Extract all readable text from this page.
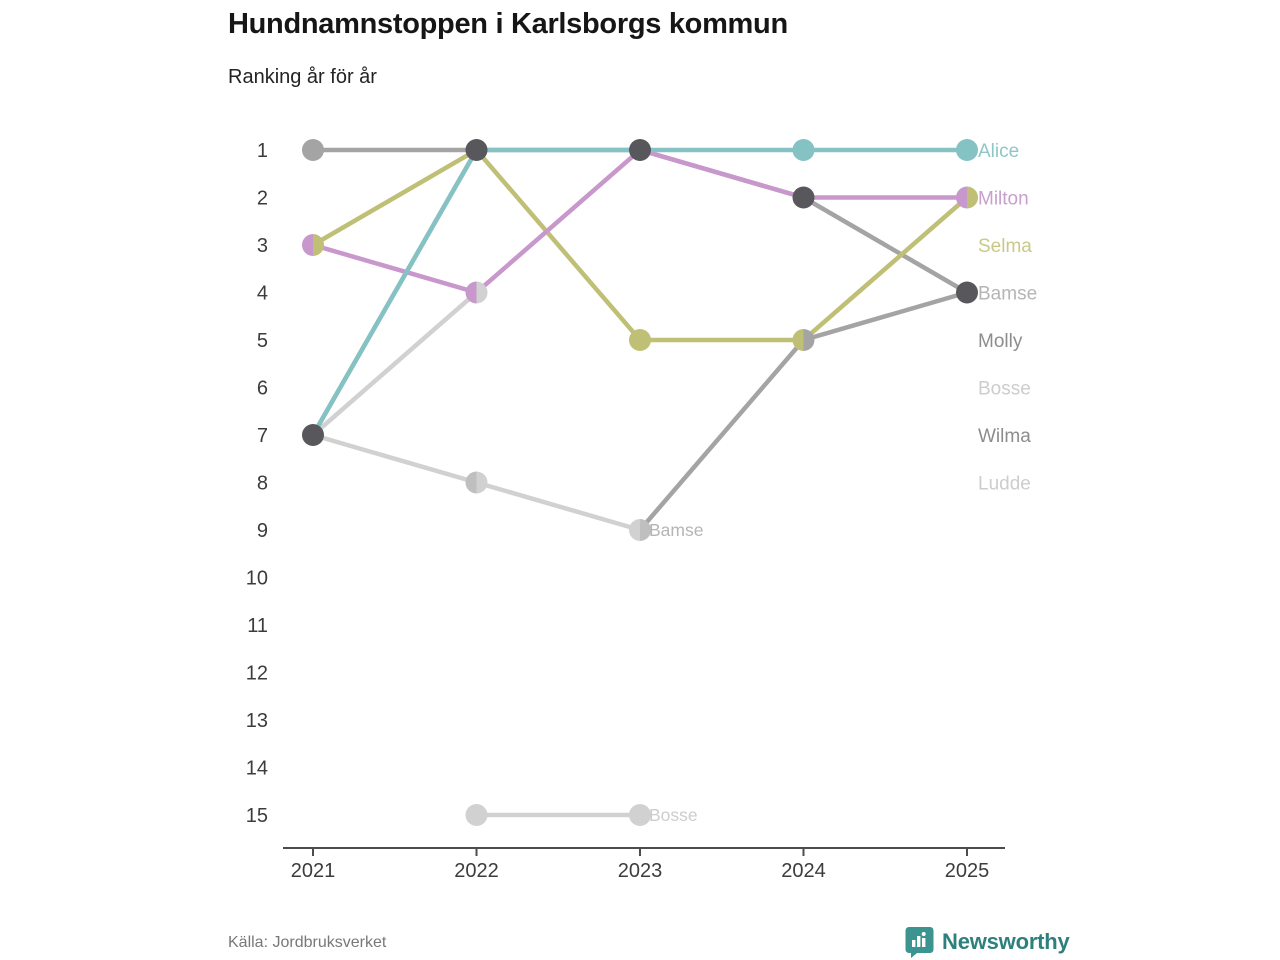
Hundnamnstoppen i Karlsborgs kommun
Ranking år för år
2021	2022	2023	2024	2025
1
2
3
4
5
6
7
8
9
10
11
12
13
14
15
Bamse
Bosse
Alice
Milton
Selma
Bamse
Molly
Bosse
Wilma
Ludde
Källa: Jordbruksverket	Newsworthy
